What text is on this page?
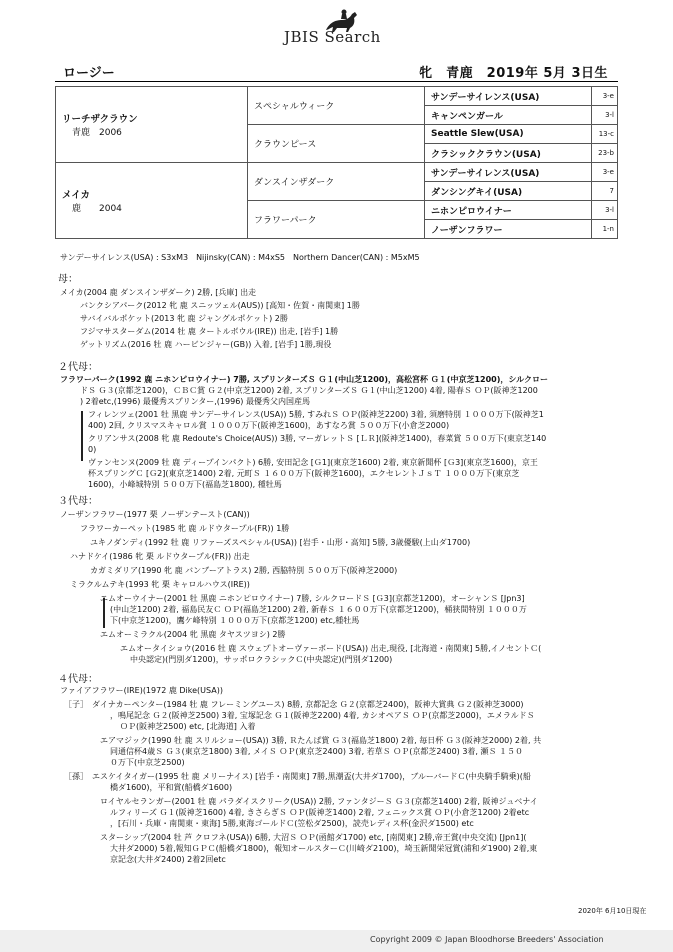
JBIS Search
ロージー	牝　青鹿　2019年 5月 3日生
リーチザクラウン
青鹿　2006	スペシャルウィーク	サンデーサイレンス(USA)	3-e
		キャンペンガール	3-l
	クラウンピース	Seattle Slew(USA)	13-c
		クラシッククラウン(USA)	23-b

メイカ
鹿　　2004	ダンスインザダーク	サンデーサイレンス(USA)	3-e
		ダンシングキイ(USA)	7
	フラワーパーク	ニホンピロウイナー	3-l
		ノーザンフラワー	1-n
サンデーサイレンス(USA) : S3xM3　Nijinsky(CAN) : M4xS5　Northern Dancer(CAN) : M5xM5
母：
２代母：
３代母：
４代母：
メイカ(2004 鹿 ダンスインザダーク) 2勝, [兵庫] 出走
バンクシアパーク(2012 牝 鹿 スニッツェル(AUS)) [高知・佐賀・南関東] 1勝
サバイバルポケット(2013 牝 鹿 ジャングルポケット) 2勝
フジマサスターダム(2014 牡 鹿 タートルボウル(IRE)) 出走, [岩手] 1勝
ゲットリズム(2016 牡 鹿 ハービンジャー(GB)) 入着, [岩手] 1勝,現役
フラワーパーク(1992 鹿 ニホンピロウイナー) 7勝, スプリンターズＳ Ｇ１(中山芝1200)，高松宮杯 Ｇ１(中京芝1200)，シルクロー
ドＳ Ｇ３(京都芝1200)，ＣＢＣ賞 Ｇ２(中京芝1200) 2着, スプリンターズＳ Ｇ１(中山芝1200) 4着, 陽春Ｓ ＯＰ(阪神芝1200
) 2着etc,(1996) 最優秀スプリンター,(1996) 最優秀父内国産馬
フィレンツェ(2001 牡 黒鹿 サンデーサイレンス(USA)) 5勝, すみれＳ ＯＰ(阪神芝2200) 3着, 須磨特別 １０００万下(阪神芝1
400) 2回, クリスマスキャロル賞 １０００万下(阪神芝1600)，あすなろ賞 ５００万下(小倉芝2000)
クリアンサス(2008 牝 鹿 Redoute's Choice(AUS)) 3勝, マーガレットＳ [ＬＲ](阪神芝1400)，春菜賞 ５００万下(東京芝140
0)
ヴァンセンヌ(2009 牡 鹿 ディープインパクト) 6勝, 安田記念 [Ｇ1](東京芝1600) 2着, 東京新聞杯 [Ｇ3](東京芝1600)，京王
杯スプリングＣ [Ｇ2](東京芝1400) 2着, 元町Ｓ １６００万下(阪神芝1600)，エクセレントＪｓＴ １０００万下(東京芝
1600)，小峰城特別 ５００万下(福島芝1800), 種牡馬
ノーザンフラワー(1977 栗 ノーザンテースト(CAN))
フラワーカーペット(1985 牝 鹿 ルドウタープル(FR)) 1勝
ユキノダンディ(1992 牡 鹿 リファーズスペシャル(USA)) [岩手・山形・高知] 5勝, 3歳優駿(上山ダ1700)
ハナドケイ(1986 牝 栗 ルドウタープル(FR)) 出走
カガミダリア(1990 牝 鹿 バンブーアトラス) 2勝, 西脇特別 ５００万下(阪神芝2000)
ミラクルムテキ(1993 牝 栗 キャロルハウス(IRE))
エムオーウイナー(2001 牡 黒鹿 ニホンピロウイナー) 7勝, シルクロードＳ [Ｇ3](京都芝1200)，オーシャンＳ [Jpn3]
(中山芝1200) 2着, 福島民友Ｃ ＯＰ(福島芝1200) 2着, 新春Ｓ １６００万下(京都芝1200)，桶狭間特別 １０００万
下(中京芝1200)，鷹ケ峰特別 １０００万下(京都芝1200) etc,種牡馬
エムオーミラクル(2004 牝 黒鹿 タヤスツヨシ) 2勝
エムオータイショウ(2016 牡 鹿 スウェプトオーヴァーボード(USA)) 出走,現役, [北海道・南関東] 5勝,イノセントＣ(
中央認定)(門別ダ1200)，サッポロクラシックＣ(中央認定)(門別ダ1200)
ファイアフラワー(IRE)(1972 鹿 Dike(USA))
［子］　ダイナカーペンター(1984 牡 鹿 フレーミングユース) 8勝, 京都記念 Ｇ２(京都芝2400)，阪神大賞典 Ｇ２(阪神芝3000)
，鳴尾記念 Ｇ２(阪神芝2500) 3着, 宝塚記念 Ｇ１(阪神芝2200) 4着, カシオペアＳ ＯＰ(京都芝2000)，エメラルドＳ
ＯＰ(阪神芝2500) etc, [北海道] 入着
エアマジック(1990 牡 鹿 スリルショー(USA)) 3勝, Ｒたんぱ賞 Ｇ３(福島芝1800) 2着, 毎日杯 Ｇ３(阪神芝2000) 2着, 共
同通信杯4歳Ｓ Ｇ３(東京芝1800) 3着, メイＳ ＯＰ(東京芝2400) 3着, 若草Ｓ ＯＰ(京都芝2400) 3着, 瀬Ｓ １５０
０万下(中京芝2500)
［孫］　エスケイタイガー(1995 牡 鹿 メリーナイス) [岩手・南関東] 7勝,黒潮盃(大井ダ1700)，ブルーバードＣ(中央騎手騎乗)(船
橋ダ1600)，平和賞(船橋ダ1600)
ロイヤルセランガー(2001 牡 鹿 パラダイスクリーク(USA)) 2勝, ファンタジーＳ Ｇ３(京都芝1400) 2着, 阪神ジュベナイ
ルフィリーズ Ｇ１(阪神芝1600) 4着, きさらぎＳ ＯＰ(阪神芝1400) 2着, フェニックス賞 ＯＰ(小倉芝1200) 2着etc
，[石川・兵庫・南関東・東海] 5勝,東海ゴールドＣ(笠松ダ2500)，読売レディス杯(金沢ダ1500) etc
スターシップ(2004 牡 芦 クロフネ(USA)) 6勝, 大沼Ｓ ＯＰ(函館ダ1700) etc, [南関東] 2勝,帝王賞(中央交流) [Jpn1](
大井ダ2000) 5着,報知ＧＰＣ(船橋ダ1800)，報知オールスターＣ(川崎ダ2100)，埼玉新聞栄冠賞(浦和ダ1900) 2着,東
京記念(大井ダ2400) 2着2回etc
2020年 6月10日現在
Copyright 2009 © Japan Bloodhorse Breeders' Association
